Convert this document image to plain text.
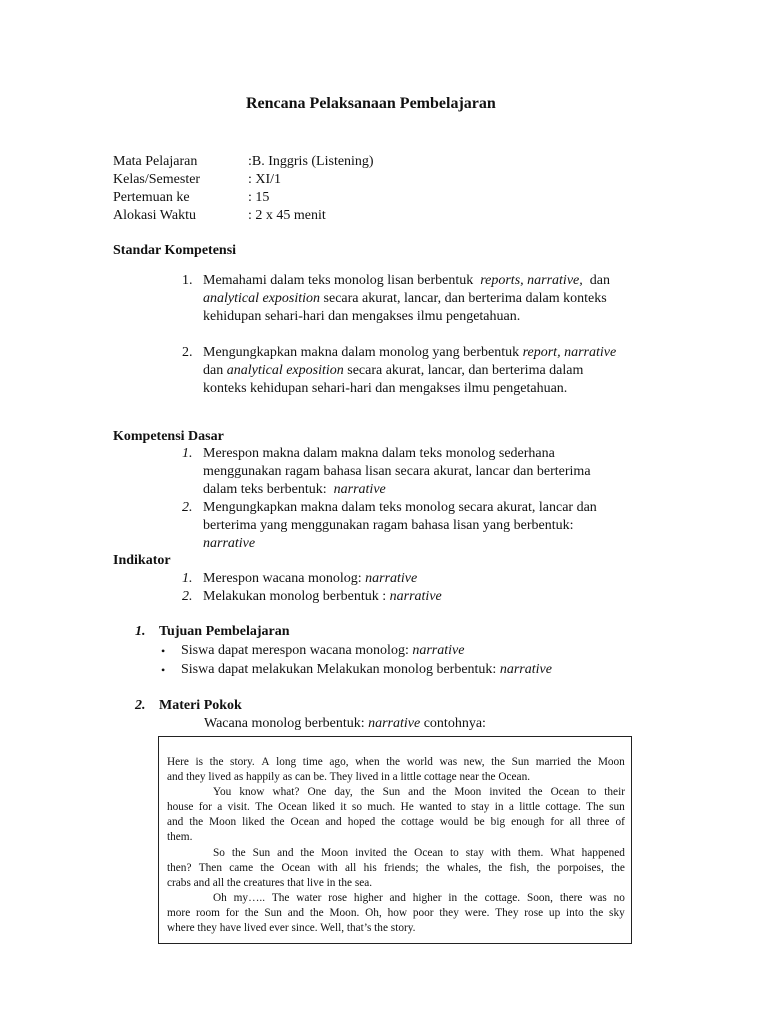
Rencana Pelaksanaan Pembelajaran
Mata Pelajaran	:B. Inggris (Listening)
Kelas/Semester	: XI/1
Pertemuan ke	: 15
Alokasi Waktu	: 2 x 45 menit
Standar Kompetensi
1. Memahami dalam teks monolog lisan berbentuk reports, narrative, dan
analytical exposition secara akurat, lancar, dan berterima dalam konteks
kehidupan sehari-hari dan mengakses ilmu pengetahuan.
2. Mengungkapkan makna dalam monolog yang berbentuk report, narrative
dan analytical exposition secara akurat, lancar, dan berterima dalam
konteks kehidupan sehari-hari dan mengakses ilmu pengetahuan.
Kompetensi Dasar
1. Merespon makna dalam makna dalam teks monolog sederhana
menggunakan ragam bahasa lisan secara akurat, lancar dan berterima
dalam teks berbentuk: narrative
2. Mengungkapkan makna dalam teks monolog secara akurat, lancar dan
berterima yang menggunakan ragam bahasa lisan yang berbentuk:
narrative
Indikator
1. Merespon wacana monolog: narrative
2. Melakukan monolog berbentuk : narrative
1. Tujuan Pembelajaran
• Siswa dapat merespon wacana monolog: narrative
• Siswa dapat melakukan Melakukan monolog berbentuk: narrative
2. Materi Pokok
Wacana monolog berbentuk: narrative contohnya:
Here is the story. A long time ago, when the world was new, the Sun married the Moon
and they lived as happily as can be. They lived in a little cottage near the Ocean.
You know what? One day, the Sun and the Moon invited the Ocean to their
house for a visit. The Ocean liked it so much. He wanted to stay in a little cottage. The sun
and the Moon liked the Ocean and hoped the cottage would be big enough for all three of
them.
So the Sun and the Moon invited the Ocean to stay with them. What happened
then? Then came the Ocean with all his friends; the whales, the fish, the porpoises, the
crabs and all the creatures that live in the sea.
Oh my….. The water rose higher and higher in the cottage. Soon, there was no
more room for the Sun and the Moon. Oh, how poor they were. They rose up into the sky
where they have lived ever since. Well, that’s the story.
